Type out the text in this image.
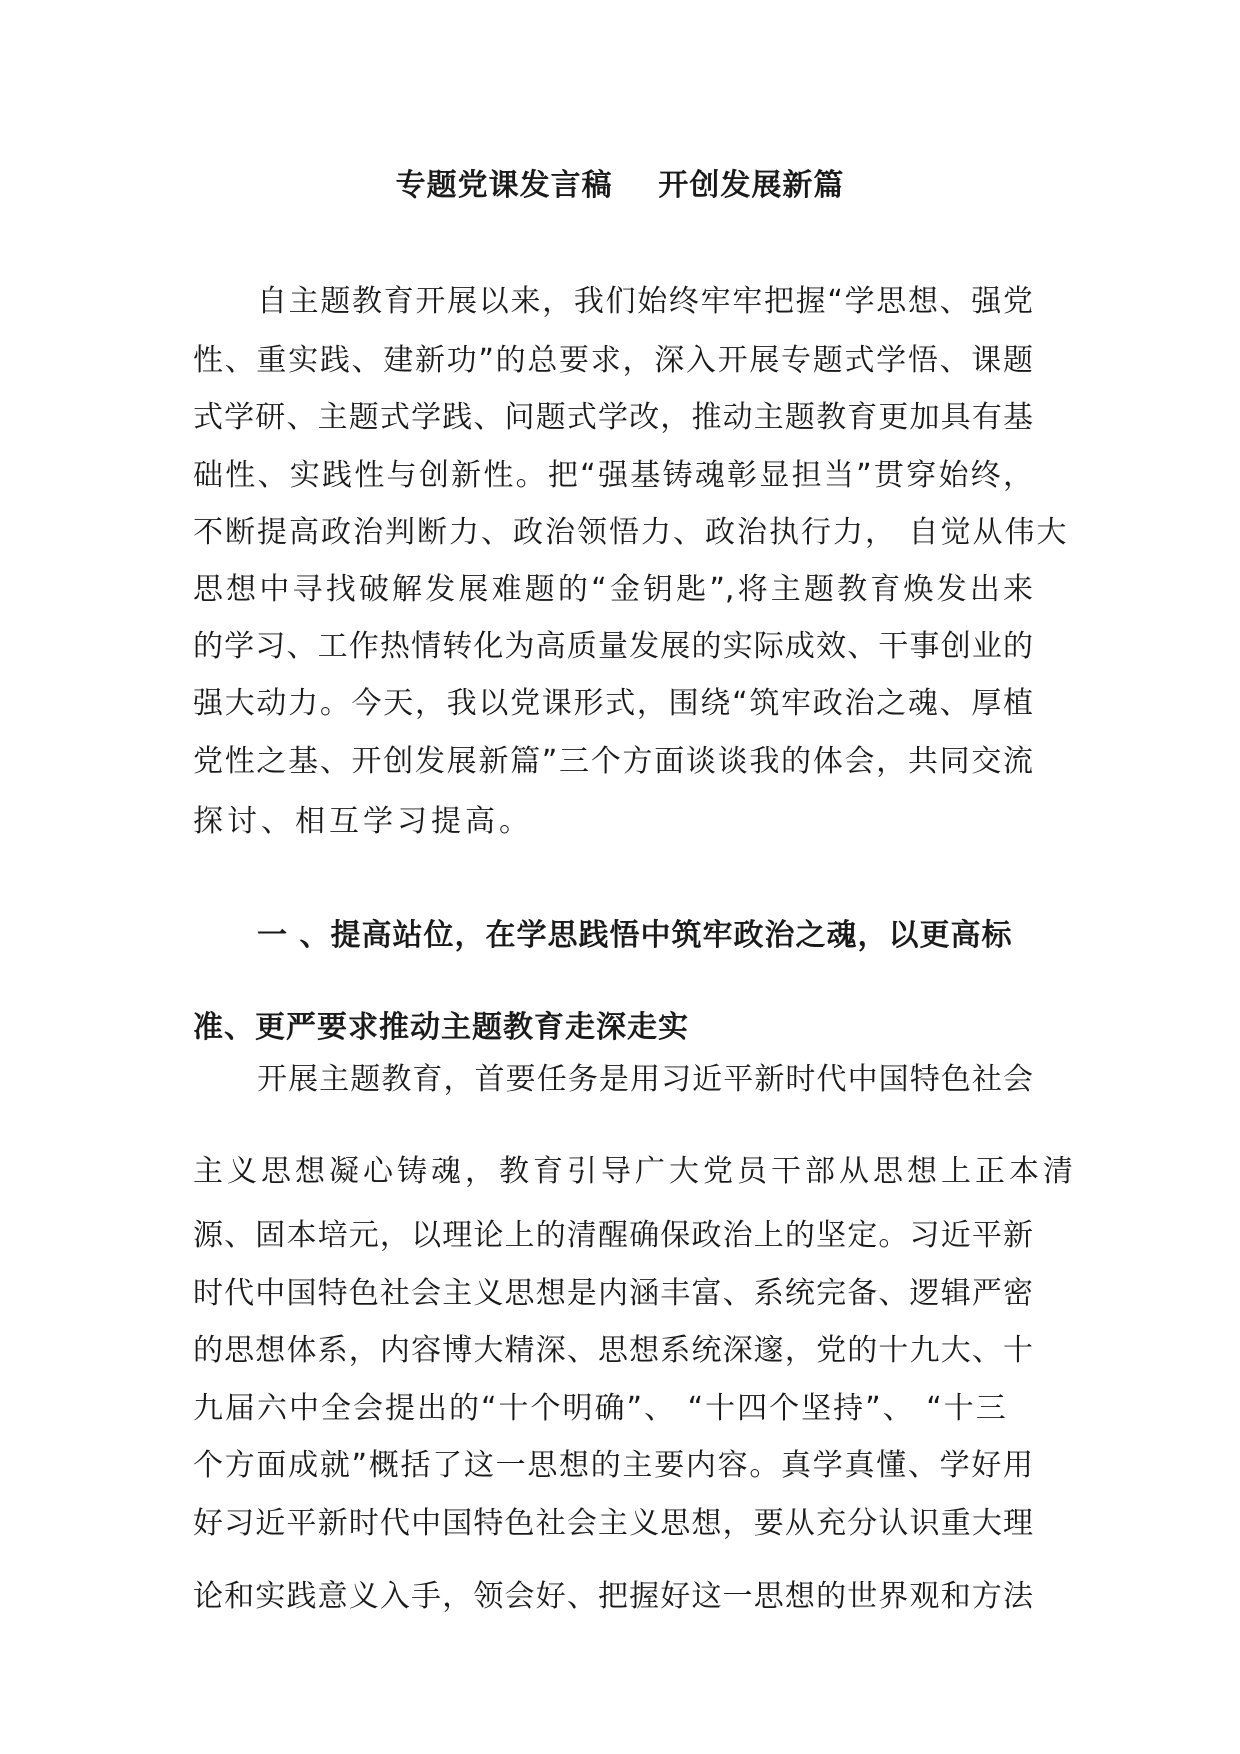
专题党课发言稿    开创发展新篇
自主题教育开展以来，我们始终牢牢把握“学思想、强党
性、重实践、建新功”的总要求，深入开展专题式学悟、课题
式学研、主题式学践、问题式学改，推动主题教育更加具有基
础性、实践性与创新性。把“强基铸魂彰显担当”贯穿始终，
不断提高政治判断力、政治领悟力、政治执行力， 自觉从伟大
思想中寻找破解发展难题的“金钥匙”,将主题教育焕发出来
的学习、工作热情转化为高质量发展的实际成效、干事创业的
强大动力。今天，我以党课形式，围绕“筑牢政治之魂、厚植
党性之基、开创发展新篇”三个方面谈谈我的体会，共同交流
探讨、相互学习提高。
一 、提高站位，在学思践悟中筑牢政治之魂，以更高标
准、更严要求推动主题教育走深走实
开展主题教育，首要任务是用习近平新时代中国特色社会
主义思想凝心铸魂，教育引导广大党员干部从思想上正本清
源、固本培元，以理论上的清醒确保政治上的坚定。习近平新
时代中国特色社会主义思想是内涵丰富、系统完备、逻辑严密
的思想体系，内容博大精深、思想系统深邃，党的十九大、十
九届六中全会提出的“十个明确”、 “十四个坚持”、 “十三
个方面成就”概括了这一思想的主要内容。真学真懂、学好用
好习近平新时代中国特色社会主义思想，要从充分认识重大理
论和实践意义入手，领会好、把握好这一思想的世界观和方法
